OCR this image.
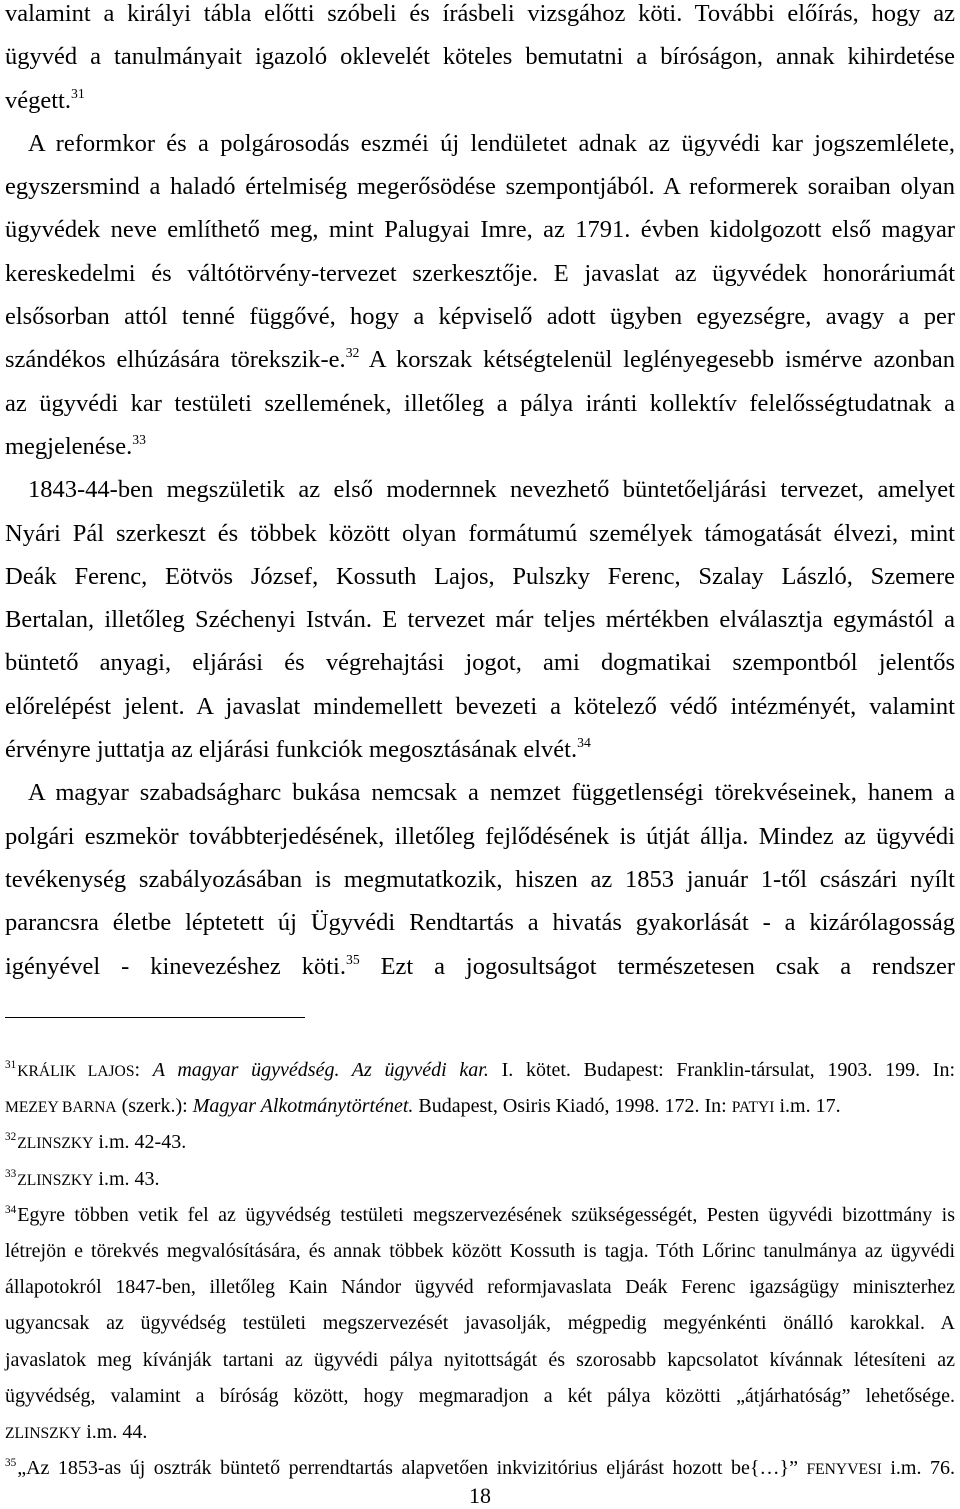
valamint a királyi tábla előtti szóbeli és írásbeli vizsgához köti. További előírás, hogy az
ügyvéd a tanulmányait igazoló oklevelét köteles bemutatni a bíróságon, annak kihirdetése
végett.$^{31}$
A reformkor és a polgárosodás eszméi új lendületet adnak az ügyvédi kar jogszemlélete,
egyszersmind a haladó értelmiség megerősödése szempontjából. A reformerek soraiban olyan
ügyvédek neve említhető meg, mint Palugyai Imre, az 1791. évben kidolgozott első magyar
kereskedelmi és váltótörvény-tervezet szerkesztője. E javaslat az ügyvédek honoráriumát
elsősorban attól tenné függővé, hogy a képviselő adott ügyben egyezségre, avagy a per
szándékos elhúzására törekszik-e.$^{32}$ A korszak kétségtelenül leglényegesebb ismérve azonban
az ügyvédi kar testületi szellemének, illetőleg a pálya iránti kollektív felelősségtudatnak a
megjelenése.$^{33}$
1843-44-ben megszületik az első modernnek nevezhető büntetőeljárási tervezet, amelyet
Nyári Pál szerkeszt és többek között olyan formátumú személyek támogatását élvezi, mint
Deák Ferenc, Eötvös József, Kossuth Lajos, Pulszky Ferenc, Szalay László, Szemere
Bertalan, illetőleg Széchenyi István. E tervezet már teljes mértékben elválasztja egymástól a
büntető anyagi, eljárási és végrehajtási jogot, ami dogmatikai szempontból jelentős
előrelépést jelent. A javaslat mindemellett bevezeti a kötelező védő intézményét, valamint
érvényre juttatja az eljárási funkciók megosztásának elvét.$^{34}$
A magyar szabadságharc bukása nemcsak a nemzet függetlenségi törekvéseinek, hanem a
polgári eszmekör továbbterjedésének, illetőleg fejlődésének is útját állja. Mindez az ügyvédi
tevékenység szabályozásában is megmutatkozik, hiszen az 1853 január 1-től császári nyílt
parancsra életbe léptetett új Ügyvédi Rendtartás a hivatás gyakorlását - a kizárólagosság
igényével - kinevezéshez köti.$^{35}$ Ezt a jogosultságot természetesen csak a rendszer
$^{31}$KRÁLIK LAJOS: A magyar ügyvédség. Az ügyvédi kar. I. kötet. Budapest: Franklin-társulat, 1903. 199. In:
MEZEY BARNA (szerk.): Magyar Alkotmánytörténet. Budapest, Osiris Kiadó, 1998. 172. In: PATYI i.m. 17.
$^{32}$ZLINSZKY i.m. 42-43.
$^{33}$ZLINSZKY i.m. 43.
$^{34}$Egyre többen vetik fel az ügyvédség testületi megszervezésének szükségességét, Pesten ügyvédi bizottmány is
létrejön e törekvés megvalósítására, és annak többek között Kossuth is tagja. Tóth Lőrinc tanulmánya az ügyvédi
állapotokról 1847-ben, illetőleg Kain Nándor ügyvéd reformjavaslata Deák Ferenc igazságügy miniszterhez
ugyancsak az ügyvédség testületi megszervezését javasolják, mégpedig megyénkénti önálló karokkal. A
javaslatok meg kívánják tartani az ügyvédi pálya nyitottságát és szorosabb kapcsolatot kívánnak létesíteni az
ügyvédség, valamint a bíróság között, hogy megmaradjon a két pálya közötti „átjárhatóság” lehetősége.
ZLINSZKY i.m. 44.
$^{35}$„Az 1853-as új osztrák büntető perrendtartás alapvetően inkvizitórius eljárást hozott be{…}” FENYVESI i.m. 76.
18
